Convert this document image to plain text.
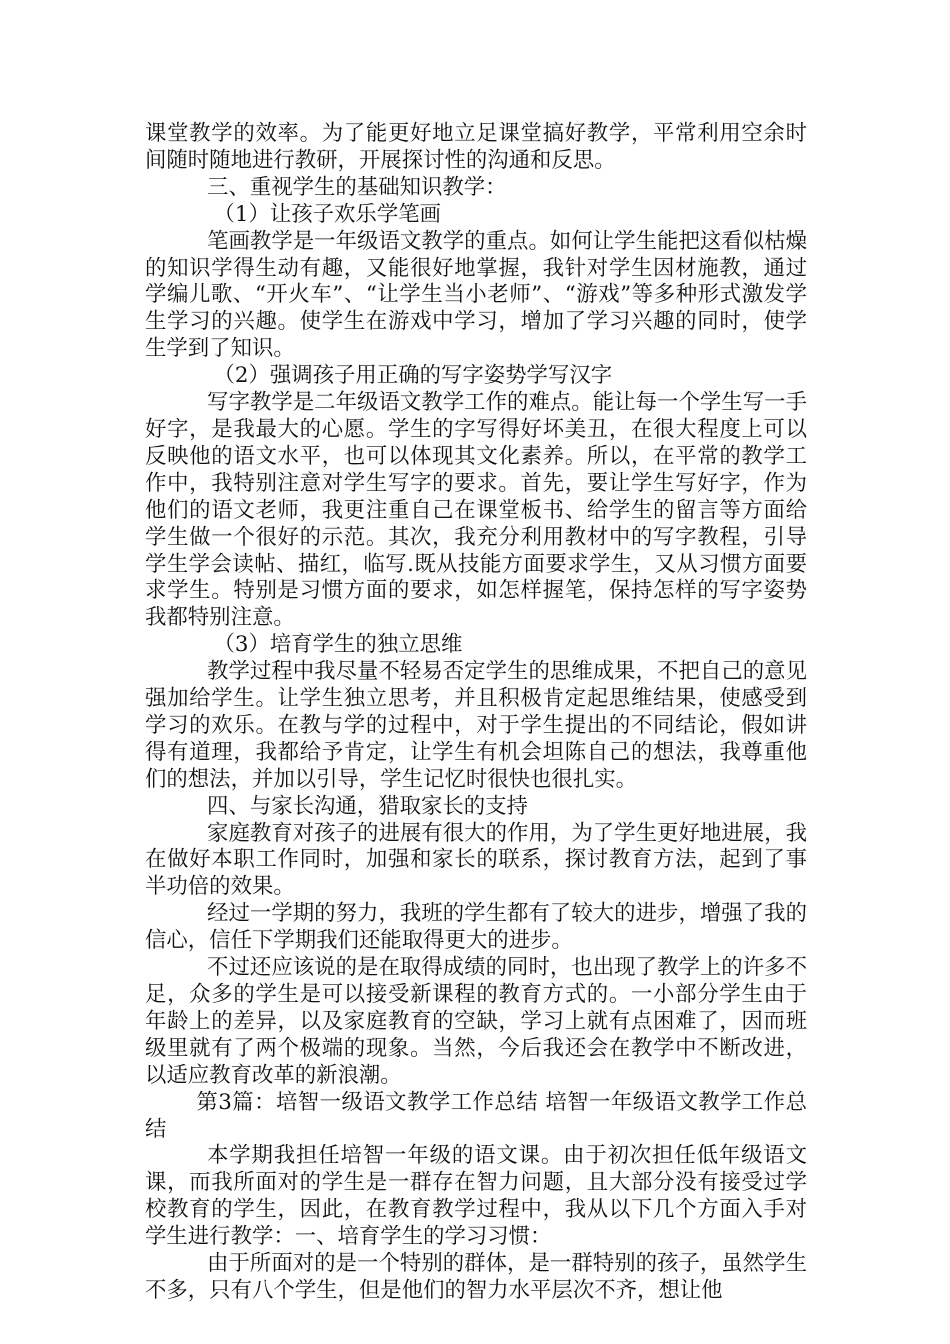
课堂教学的效率。为了能更好地立足课堂搞好教学，平常利用空余时间随时随地进行教研，开展探讨性的沟通和反思。

三、重视学生的基础知识教学：

（1）让孩子欢乐学笔画

笔画教学是一年级语文教学的重点。如何让学生能把这看似枯燥的知识学得生动有趣，又能很好地掌握，我针对学生因材施教，通过学编儿歌、“开火车”、“让学生当小老师”、“游戏”等多种形式激发学生学习的兴趣。使学生在游戏中学习，增加了学习兴趣的同时，使学生学到了知识。

（2）强调孩子用正确的写字姿势学写汉字

写字教学是二年级语文教学工作的难点。能让每一个学生写一手好字，是我最大的心愿。学生的字写得好坏美丑，在很大程度上可以反映他的语文水平，也可以体现其文化素养。所以，在平常的教学工作中，我特别注意对学生写字的要求。首先，要让学生写好字，作为他们的语文老师，我更注重自己在课堂板书、给学生的留言等方面给学生做一个很好的示范。其次，我充分利用教材中的写字教程，引导学生学会读帖、描红，临写.既从技能方面要求学生，又从习惯方面要求学生。特别是习惯方面的要求，如怎样握笔，保持怎样的写字姿势我都特别注意。

（3）培育学生的独立思维

教学过程中我尽量不轻易否定学生的思维成果，不把自己的意见强加给学生。让学生独立思考，并且积极肯定起思维结果，使感受到学习的欢乐。在教与学的过程中，对于学生提出的不同结论，假如讲得有道理，我都给予肯定，让学生有机会坦陈自己的想法，我尊重他们的想法，并加以引导，学生记忆时很快也很扎实。

四、与家长沟通，猎取家长的支持

家庭教育对孩子的进展有很大的作用，为了学生更好地进展，我在做好本职工作同时，加强和家长的联系，探讨教育方法，起到了事半功倍的效果。

经过一学期的努力，我班的学生都有了较大的进步，增强了我的信心，信任下学期我们还能取得更大的进步。

不过还应该说的是在取得成绩的同时，也出现了教学上的许多不足，众多的学生是可以接受新课程的教育方式的。一小部分学生由于年龄上的差异，以及家庭教育的空缺，学习上就有点困难了，因而班级里就有了两个极端的现象。当然，今后我还会在教学中不断改进，以适应教育改革的新浪潮。

第3篇：培智一级语文教学工作总结 培智一年级语文教学工作总结

本学期我担任培智一年级的语文课。由于初次担任低年级语文课，而我所面对的学生是一群存在智力问题，且大部分没有接受过学校教育的学生，因此，在教育教学过程中，我从以下几个方面入手对学生进行教学：一、培育学生的学习习惯：

由于所面对的是一个特别的群体，是一群特别的孩子，虽然学生不多，只有八个学生，但是他们的智力水平层次不齐，想让他
